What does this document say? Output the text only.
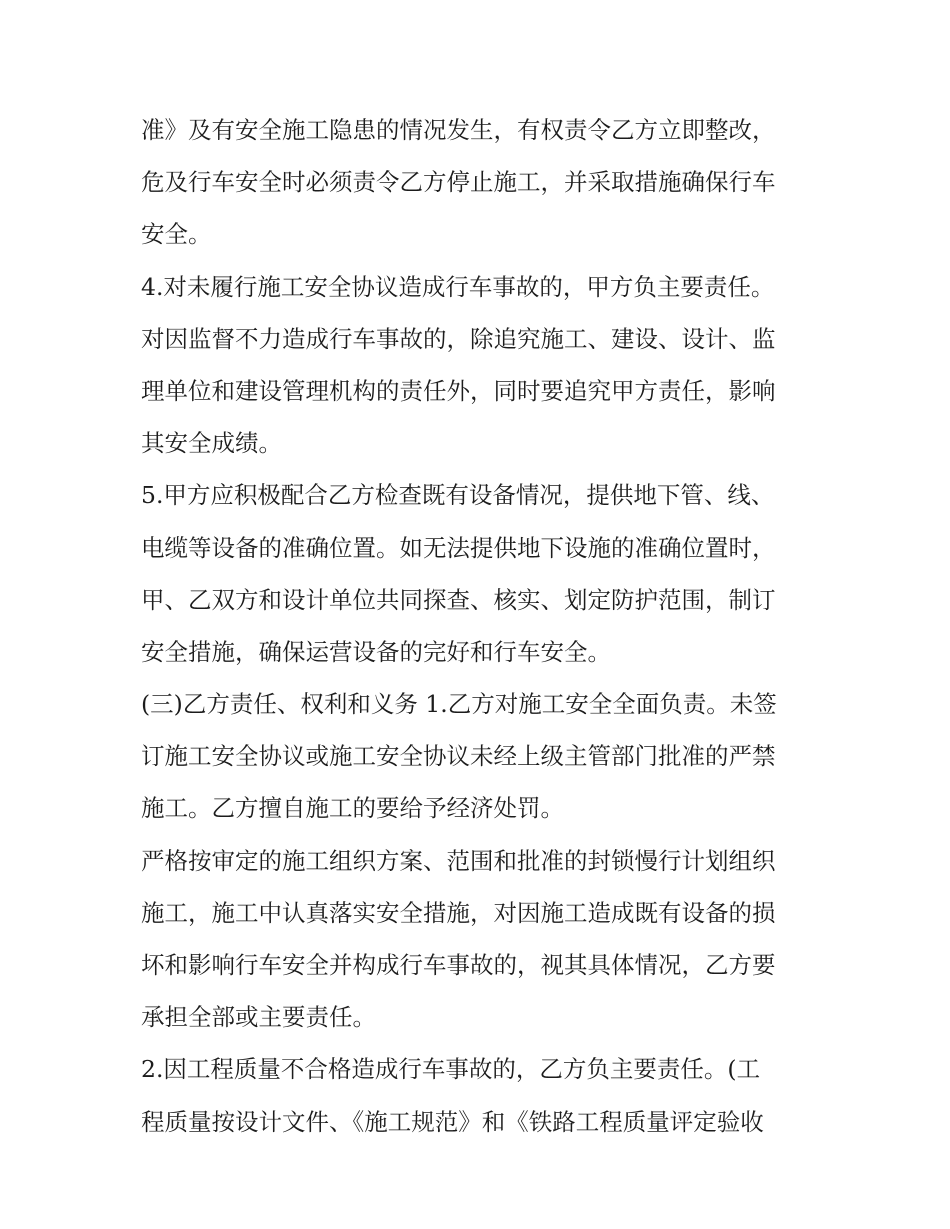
准》及有安全施工隐患的情况发生，有权责令乙方立即整改，
危及行车安全时必须责令乙方停止施工，并采取措施确保行车
安全。
4.对未履行施工安全协议造成行车事故的，甲方负主要责任。
对因监督不力造成行车事故的，除追究施工、建设、设计、监
理单位和建设管理机构的责任外，同时要追究甲方责任，影响
其安全成绩。
5.甲方应积极配合乙方检查既有设备情况，提供地下管、线、
电缆等设备的准确位置。如无法提供地下设施的准确位置时，
甲、乙双方和设计单位共同探查、核实、划定防护范围，制订
安全措施，确保运营设备的完好和行车安全。
(三)乙方责任、权利和义务 1.乙方对施工安全全面负责。未签
订施工安全协议或施工安全协议未经上级主管部门批准的严禁
施工。乙方擅自施工的要给予经济处罚。
严格按审定的施工组织方案、范围和批准的封锁慢行计划组织
施工，施工中认真落实安全措施，对因施工造成既有设备的损
坏和影响行车安全并构成行车事故的，视其具体情况，乙方要
承担全部或主要责任。
2.因工程质量不合格造成行车事故的，乙方负主要责任。(工
程质量按设计文件、《施工规范》和《铁路工程质量评定验收
